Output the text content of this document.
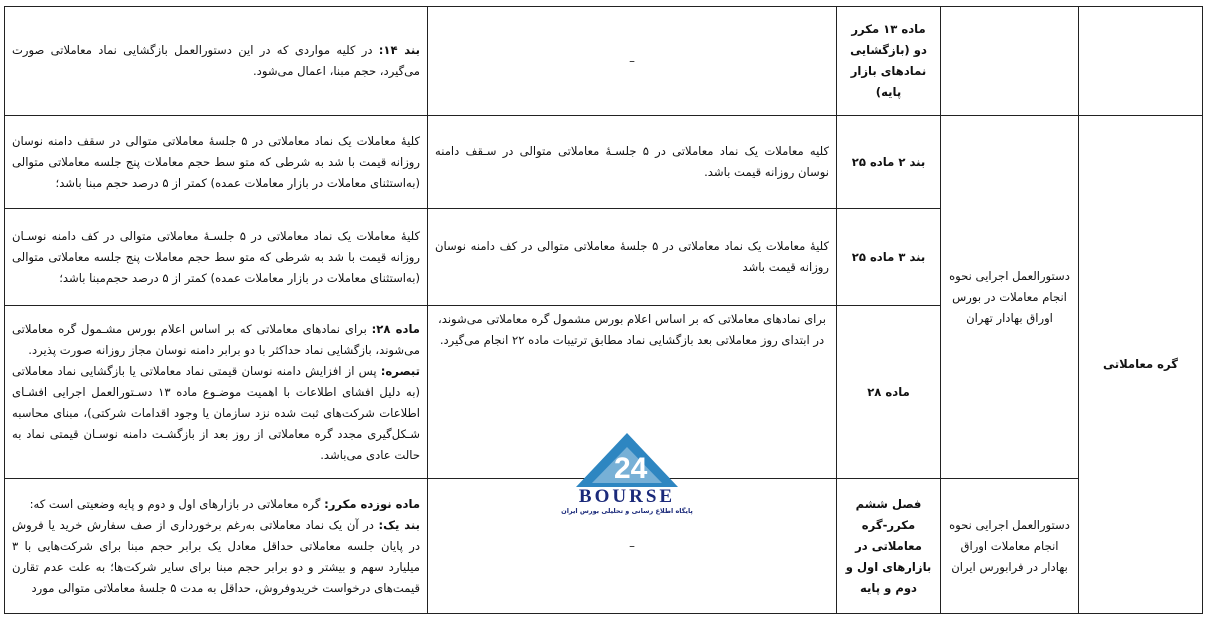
		ماده ۱۳ مکرر دو (بازگشایی نمادهای بازار پایه)	–	بند ۱۴: در کلیه مواردی که در این دستورالعمل بازگشایی نماد معاملاتی صورت می‌گیرد، حجم مبنا، اعمال می‌شود.
گره معاملاتی	دستورالعمل اجرایی نحوه انجام معاملات در بورس اوراق بهادار تهران	بند ۲ ماده ۲۵	کلیه معاملات یک نماد معاملاتی در ۵ جلسـهٔ معاملاتی متوالی در سـقف دامنه نوسان روزانه قیمت باشد.	کلیهٔ معاملات یک نماد معاملاتی در ۵ جلسهٔ معاملاتی متوالی در سقف دامنه نوسان روزانه قیمت با شد به شرطی که متو سط حجم معاملات پنج جلسه معاملاتی متوالی (به‌استثنای معاملات در بازار معاملات عمده) کمتر از ۵ درصد حجم مبنا باشد؛
		بند ۳ ماده ۲۵	کلیهٔ معاملات یک نماد معاملاتی در ۵ جلسهٔ معاملاتی متوالی در کف دامنه نوسان روزانه قیمت باشد	کلیهٔ معاملات یک نماد معاملاتی در ۵ جلسـهٔ معاملاتی متوالی در کف دامنه نوسـان روزانه قیمت با شد به شرطی که متو سط حجم معاملات پنج جلسه معاملاتی متوالی (به‌استثنای معاملات در بازار معاملات عمده) کمتر از ۵ درصد حجم‌مبنا باشد؛
		ماده ۲۸	برای نمادهای معاملاتی که بر اساس اعلام بورس مشمول گره معاملاتی می‌شوند، در ابتدای روز معاملاتی بعد بازگشایی نماد مطابق ترتیبات ماده ۲۲ انجام می‌گیرد.	ماده ۲۸: برای نمادهای معاملاتی که بر اساس اعلام بورس مشـمول گره معاملاتی می‌شوند، بازگشایی نماد حداکثر با دو برابر دامنه نوسان مجاز روزانه صورت پذیرد.
تبصره: پس از افزایش دامنه نوسان قیمتی نماد معاملاتی یا بازگشایی نماد معاملاتی (به دلیل افشای اطلاعات با اهمیت موضـوع ماده ۱۳ دسـتورالعمل اجرایی افشـای اطلاعات شرکت‌های ثبت شده نزد سازمان یا وجود اقدامات شرکتی)، مبنای محاسبه شـکل‌گیری مجدد گره معاملاتی از روز بعد از بازگشـت دامنه نوسـان قیمتی نماد به حالت عادی می‌باشد.
	دستورالعمل اجرایی نحوه انجام معاملات اوراق بهادار در فرابورس ایران	فصل ششم مکرر-گره معاملاتی در بازارهای اول و دوم و پایه	–	ماده نوزده مکرر: گره معاملاتی در بازارهای اول و دوم و پایه وضعیتی است که:
بند یک: در آن یک نماد معاملاتی به‌رغم برخورداری از صف سفارش خرید یا فروش در پایان جلسه معاملاتی حداقل معادل یک برابر حجم مبنا برای شرکت‌هایی با ۳ میلیارد سهم و بیشتر و دو برابر حجم مبنا برای سایر شرکت‌ها؛ به علت عدم تقارن قیمت‌های درخواست خریدوفروش، حداقل به مدت ۵ جلسهٔ معاملاتی متوالی مورد
24
BOURSE
پایگاه اطلاع رسانی و تحلیلی بورس ایران
